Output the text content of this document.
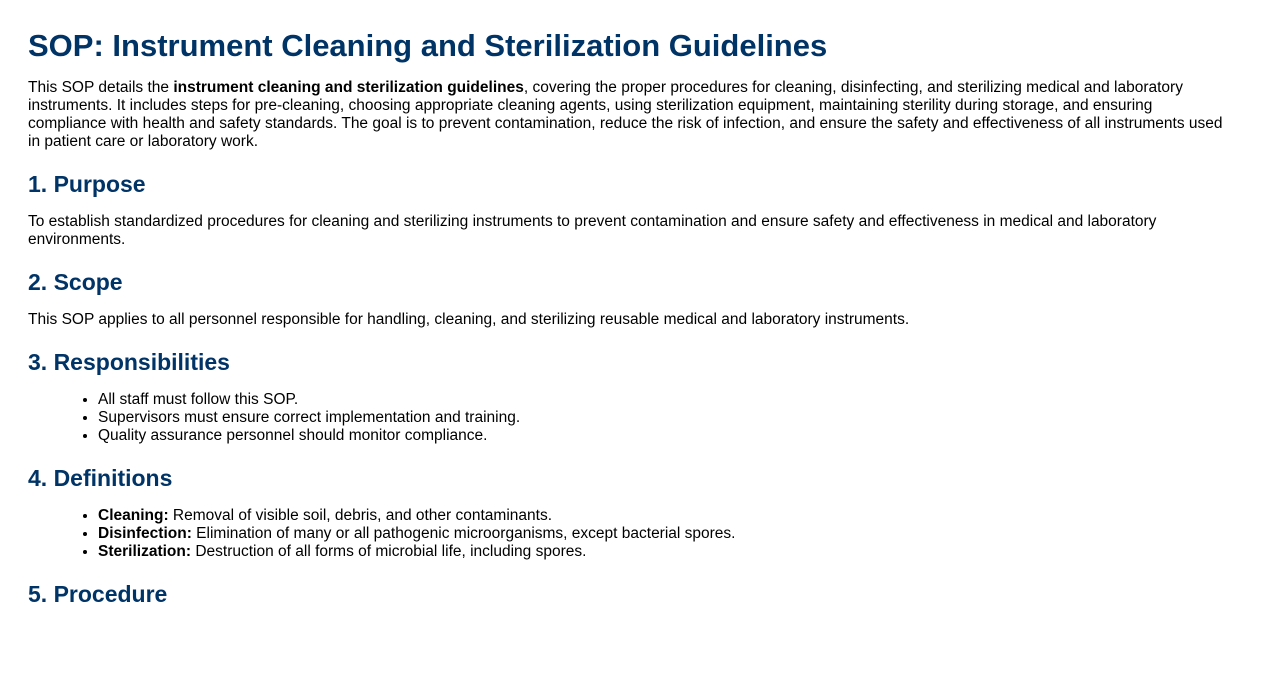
SOP: Instrument Cleaning and Sterilization Guidelines

This SOP details the instrument cleaning and sterilization guidelines, covering the proper procedures for cleaning, disinfecting, and sterilizing medical and laboratory instruments. It includes steps for pre-cleaning, choosing appropriate cleaning agents, using sterilization equipment, maintaining sterility during storage, and ensuring compliance with health and safety standards. The goal is to prevent contamination, reduce the risk of infection, and ensure the safety and effectiveness of all instruments used in patient care or laboratory work.

1. Purpose

To establish standardized procedures for cleaning and sterilizing instruments to prevent contamination and ensure safety and effectiveness in medical and laboratory environments.

2. Scope

This SOP applies to all personnel responsible for handling, cleaning, and sterilizing reusable medical and laboratory instruments.

3. Responsibilities
• All staff must follow this SOP.
• Supervisors must ensure correct implementation and training.
• Quality assurance personnel should monitor compliance.
4. Definitions
• Cleaning: Removal of visible soil, debris, and other contaminants.
• Disinfection: Elimination of many or all pathogenic microorganisms, except bacterial spores.
• Sterilization: Destruction of all forms of microbial life, including spores.
5. Procedure
